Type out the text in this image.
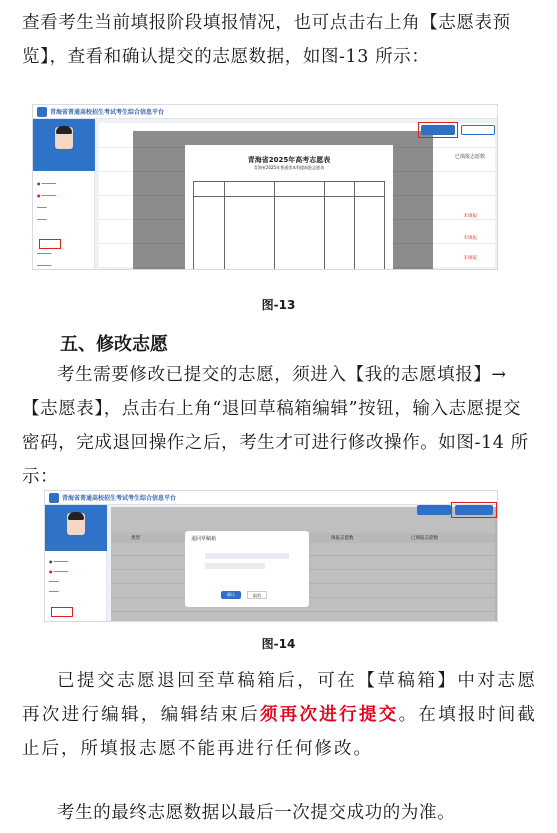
查看考生当前填报阶段填报情况，也可点击右上角【志愿表预览】，查看和确认提交的志愿数据，如图-13 所示：
青海省普通高校招生考试考生综合信息平台
● ━━━━━━
● ━━━━━━
━━━━
━━━━
━━━━━━
━━━━━━
已填报志愿数
未填报
未填报
未填报
青海省2025年高考志愿表
青海省2025年普通类本科提前批志愿表
图-13
五、修改志愿
考生需要修改已提交的志愿，须进入【我的志愿填报】→【志愿表】，点击右上角“退回草稿箱编辑”按钮，输入志愿提交密码，完成退回操作之后，考生才可进行修改操作。如图-14 所示：
青海省普通高校招生考试考生综合信息平台
● ━━━━━━
● ━━━━━━
━━━━
━━━━
类型	填报志愿数	已填报志愿数
退回草稿箱
确认	取消
图-14
已提交志愿退回至草稿箱后，可在【草稿箱】中对志愿再次进行编辑，编辑结束后须再次进行提交。在填报时间截止后，所填报志愿不能再进行任何修改。
考生的最终志愿数据以最后一次提交成功的为准。
